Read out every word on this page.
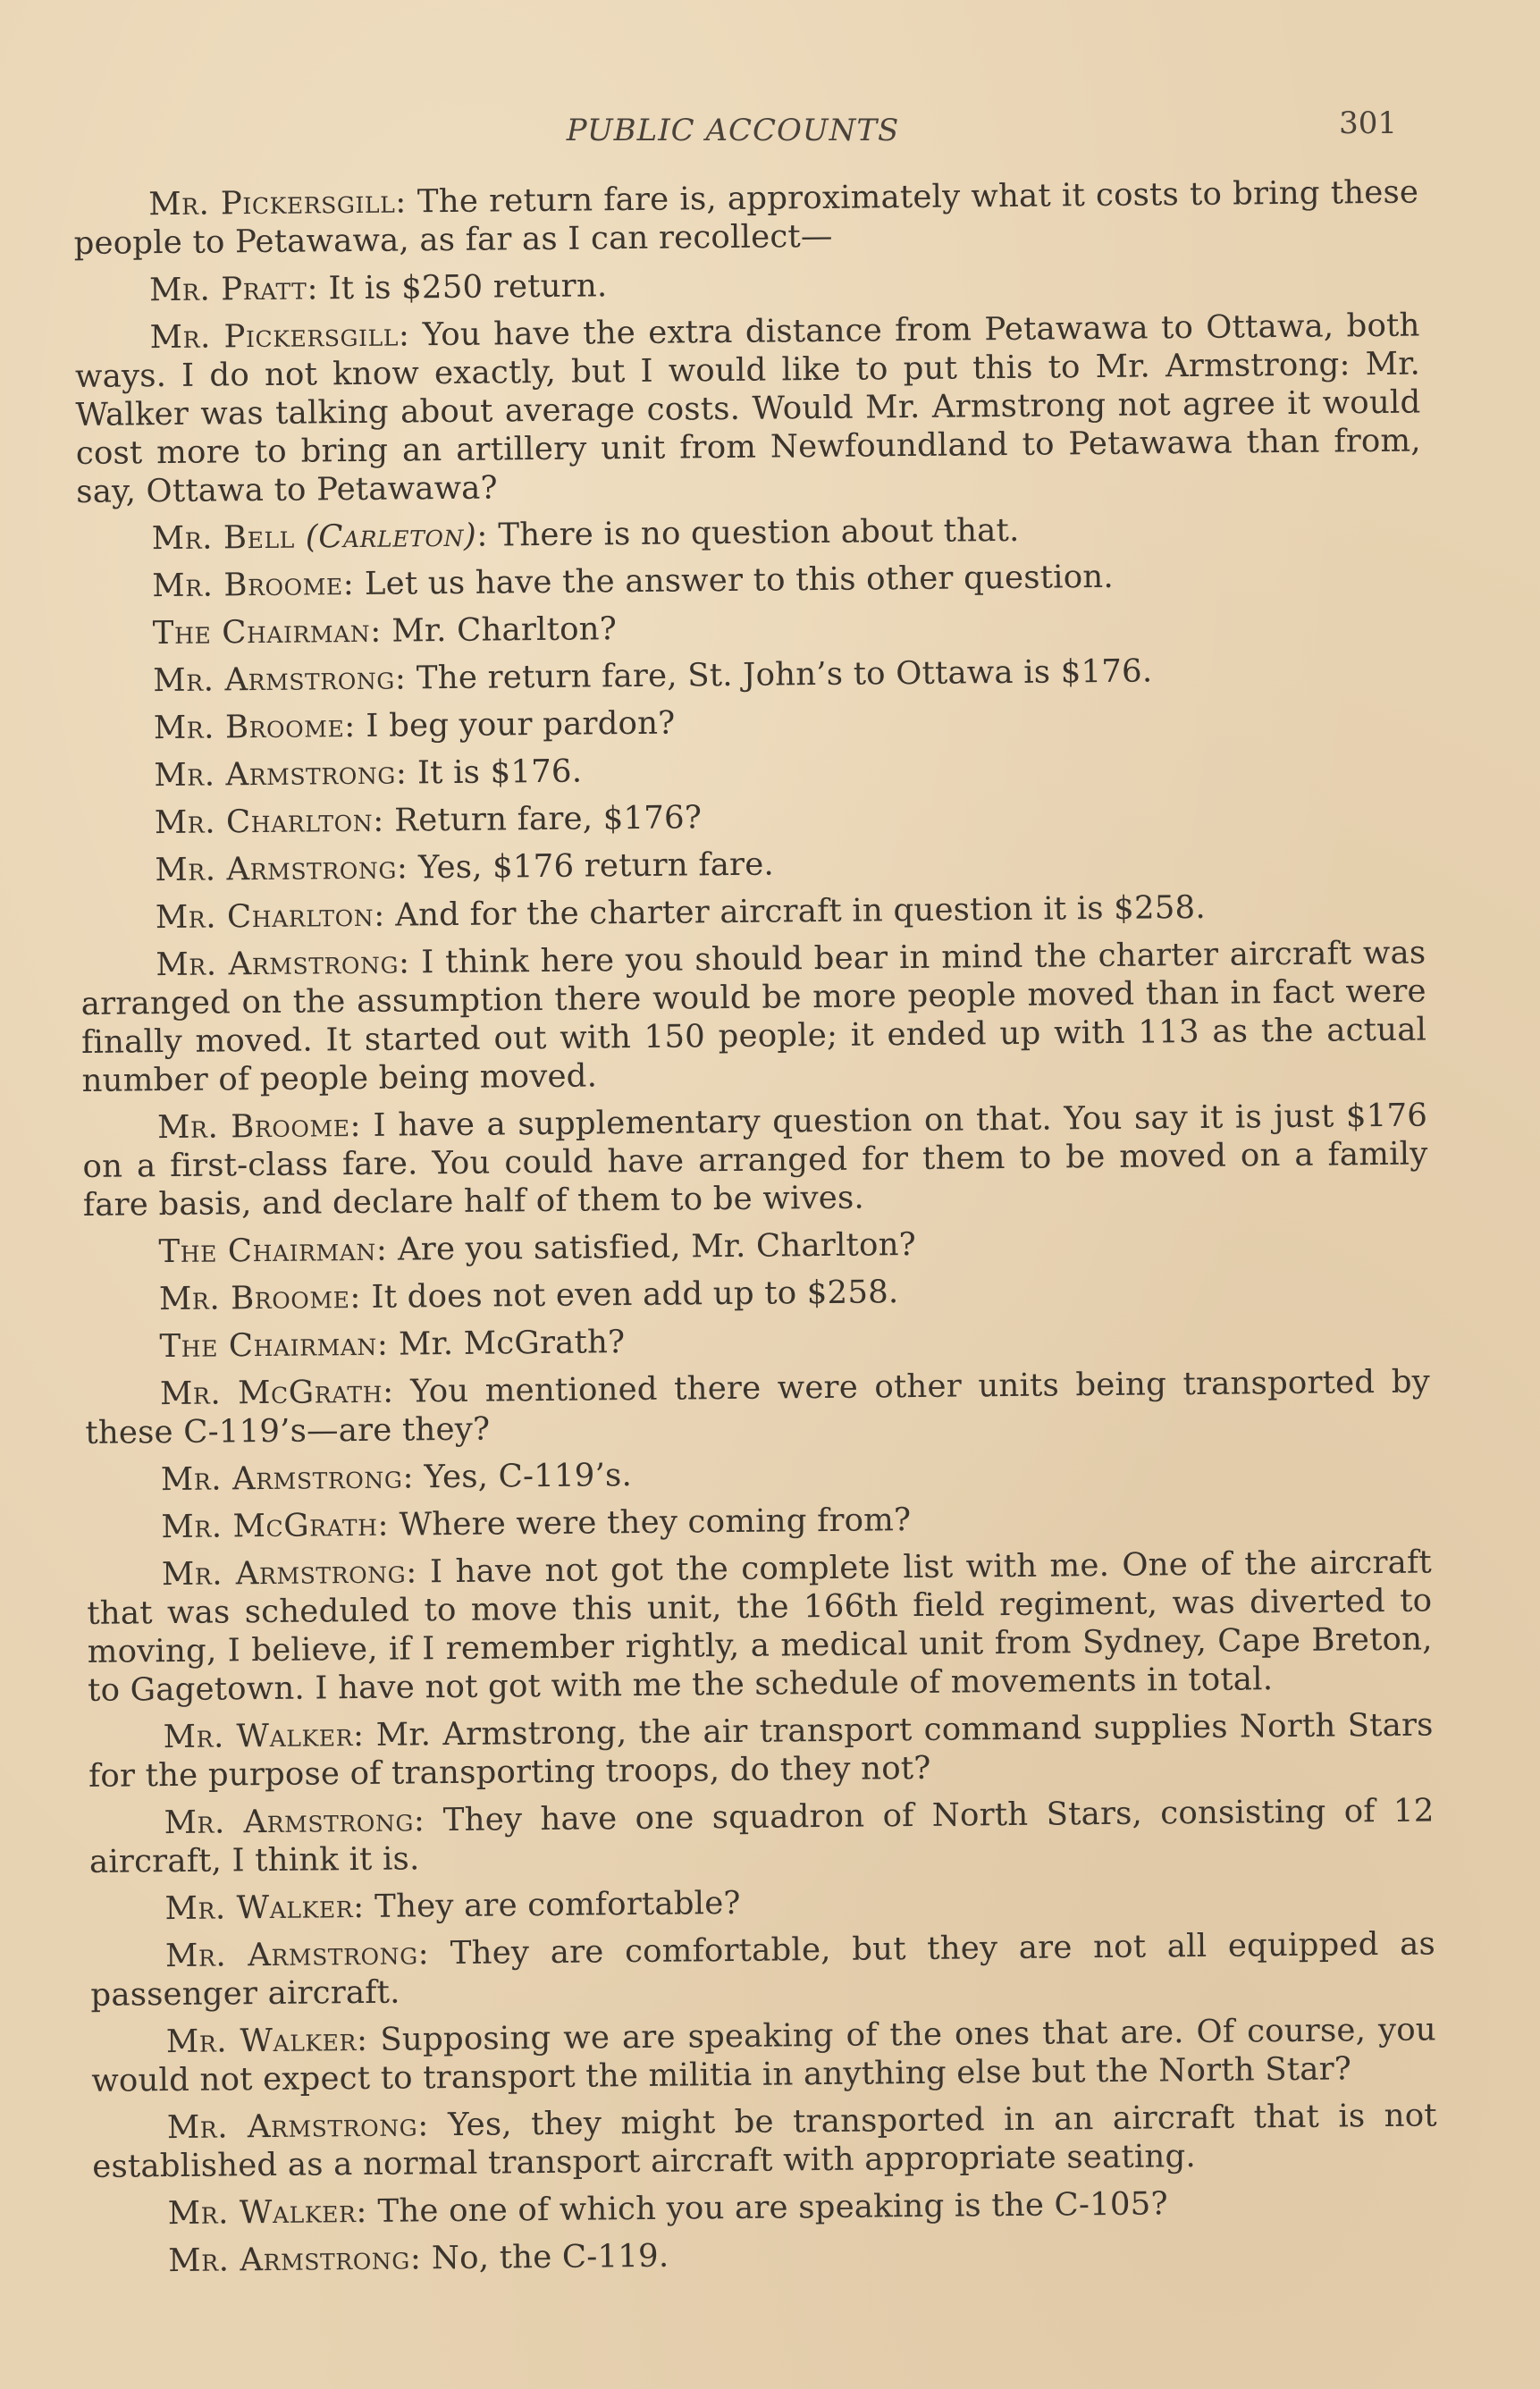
PUBLIC ACCOUNTS	301

Mr. Pickersgill: The return fare is, approximately what it costs to bring these people to Petawawa, as far as I can recollect—

Mr. Pratt: It is $250 return.

Mr. Pickersgill: You have the extra distance from Petawawa to Ottawa, both ways. I do not know exactly, but I would like to put this to Mr. Armstrong: Mr. Walker was talking about average costs. Would Mr. Armstrong not agree it would cost more to bring an artillery unit from Newfoundland to Petawawa than from, say, Ottawa to Petawawa?

Mr. Bell (Carleton): There is no question about that.

Mr. Broome: Let us have the answer to this other question.

The Chairman: Mr. Charlton?

Mr. Armstrong: The return fare, St. John’s to Ottawa is $176.

Mr. Broome: I beg your pardon?

Mr. Armstrong: It is $176.

Mr. Charlton: Return fare, $176?

Mr. Armstrong: Yes, $176 return fare.

Mr. Charlton: And for the charter aircraft in question it is $258.

Mr. Armstrong: I think here you should bear in mind the charter aircraft was arranged on the assumption there would be more people moved than in fact were finally moved. It started out with 150 people; it ended up with 113 as the actual number of people being moved.

Mr. Broome: I have a supplementary question on that. You say it is just $176 on a first-class fare. You could have arranged for them to be moved on a family fare basis, and declare half of them to be wives.

The Chairman: Are you satisfied, Mr. Charlton?

Mr. Broome: It does not even add up to $258.

The Chairman: Mr. McGrath?

Mr. McGrath: You mentioned there were other units being transported by these C-119’s—are they?

Mr. Armstrong: Yes, C-119’s.

Mr. McGrath: Where were they coming from?

Mr. Armstrong: I have not got the complete list with me. One of the aircraft that was scheduled to move this unit, the 166th field regiment, was diverted to moving, I believe, if I remember rightly, a medical unit from Sydney, Cape Breton, to Gagetown. I have not got with me the schedule of movements in total.

Mr. Walker: Mr. Armstrong, the air transport command supplies North Stars for the purpose of transporting troops, do they not?

Mr. Armstrong: They have one squadron of North Stars, consisting of 12 aircraft, I think it is.

Mr. Walker: They are comfortable?

Mr. Armstrong: They are comfortable, but they are not all equipped as passenger aircraft.

Mr. Walker: Supposing we are speaking of the ones that are. Of course, you would not expect to transport the militia in anything else but the North Star?

Mr. Armstrong: Yes, they might be transported in an aircraft that is not established as a normal transport aircraft with appropriate seating.

Mr. Walker: The one of which you are speaking is the C-105?

Mr. Armstrong: No, the C-119.
